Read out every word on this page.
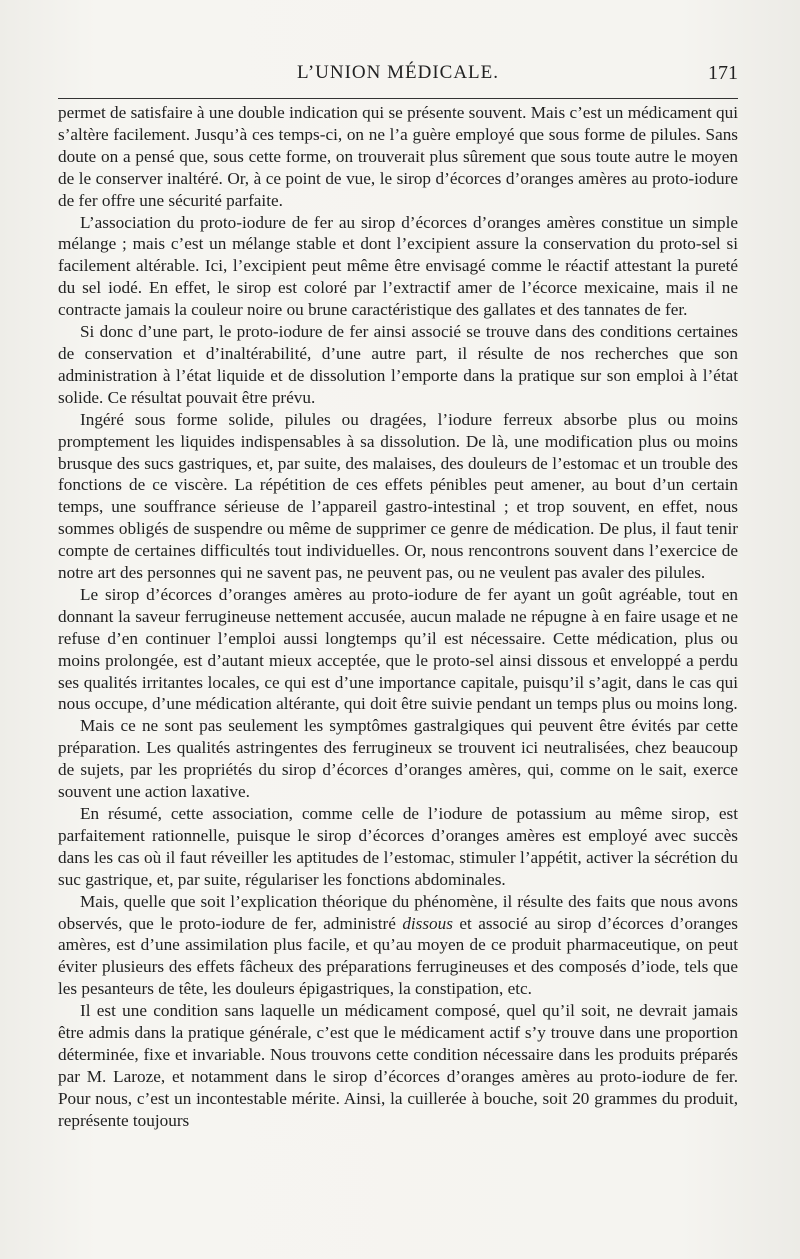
L’UNION MÉDICALE.	171

permet de satisfaire à une double indication qui se présente souvent. Mais c’est un médicament qui s’altère facilement. Jusqu’à ces temps-ci, on ne l’a guère employé que sous forme de pilules. Sans doute on a pensé que, sous cette forme, on trouverait plus sûrement que sous toute autre le moyen de le conserver inaltéré. Or, à ce point de vue, le sirop d’écorces d’oranges amères au proto-iodure de fer offre une sécurité parfaite.

L’association du proto-iodure de fer au sirop d’écorces d’oranges amères constitue un simple mélange ; mais c’est un mélange stable et dont l’excipient assure la conservation du proto-sel si facilement altérable. Ici, l’excipient peut même être envisagé comme le réactif attestant la pureté du sel iodé. En effet, le sirop est coloré par l’extractif amer de l’écorce mexicaine, mais il ne contracte jamais la couleur noire ou brune caractéristique des gallates et des tannates de fer.

Si donc d’une part, le proto-iodure de fer ainsi associé se trouve dans des conditions certaines de conservation et d’inaltérabilité, d’une autre part, il résulte de nos recherches que son administration à l’état liquide et de dissolution l’emporte dans la pratique sur son emploi à l’état solide. Ce résultat pouvait être prévu.

Ingéré sous forme solide, pilules ou dragées, l’iodure ferreux absorbe plus ou moins promptement les liquides indispensables à sa dissolution. De là, une modification plus ou moins brusque des sucs gastriques, et, par suite, des malaises, des douleurs de l’estomac et un trouble des fonctions de ce viscère. La répétition de ces effets pénibles peut amener, au bout d’un certain temps, une souffrance sérieuse de l’appareil gastro-intestinal ; et trop souvent, en effet, nous sommes obligés de suspendre ou même de supprimer ce genre de médication. De plus, il faut tenir compte de certaines difficultés tout individuelles. Or, nous rencontrons souvent dans l’exercice de notre art des personnes qui ne savent pas, ne peuvent pas, ou ne veulent pas avaler des pilules.

Le sirop d’écorces d’oranges amères au proto-iodure de fer ayant un goût agréable, tout en donnant la saveur ferrugineuse nettement accusée, aucun malade ne répugne à en faire usage et ne refuse d’en continuer l’emploi aussi longtemps qu’il est nécessaire. Cette médication, plus ou moins prolongée, est d’autant mieux acceptée, que le proto-sel ainsi dissous et enveloppé a perdu ses qualités irritantes locales, ce qui est d’une importance capitale, puisqu’il s’agit, dans le cas qui nous occupe, d’une médication altérante, qui doit être suivie pendant un temps plus ou moins long.

Mais ce ne sont pas seulement les symptômes gastralgiques qui peuvent être évités par cette préparation. Les qualités astringentes des ferrugineux se trouvent ici neutralisées, chez beaucoup de sujets, par les propriétés du sirop d’écorces d’oranges amères, qui, comme on le sait, exerce souvent une action laxative.

En résumé, cette association, comme celle de l’iodure de potassium au même sirop, est parfaitement rationnelle, puisque le sirop d’écorces d’oranges amères est employé avec succès dans les cas où il faut réveiller les aptitudes de l’estomac, stimuler l’appétit, activer la sécrétion du suc gastrique, et, par suite, régulariser les fonctions abdominales.

Mais, quelle que soit l’explication théorique du phénomène, il résulte des faits que nous avons observés, que le proto-iodure de fer, administré dissous et associé au sirop d’écorces d’oranges amères, est d’une assimilation plus facile, et qu’au moyen de ce produit pharmaceutique, on peut éviter plusieurs des effets fâcheux des préparations ferrugineuses et des composés d’iode, tels que les pesanteurs de tête, les douleurs épigastriques, la constipation, etc.

Il est une condition sans laquelle un médicament composé, quel qu’il soit, ne devrait jamais être admis dans la pratique générale, c’est que le médicament actif s’y trouve dans une proportion déterminée, fixe et invariable. Nous trouvons cette condition nécessaire dans les produits préparés par M. Laroze, et notamment dans le sirop d’écorces d’oranges amères au proto-iodure de fer. Pour nous, c’est un incontestable mérite. Ainsi, la cuillerée à bouche, soit 20 grammes du produit, représente toujours
